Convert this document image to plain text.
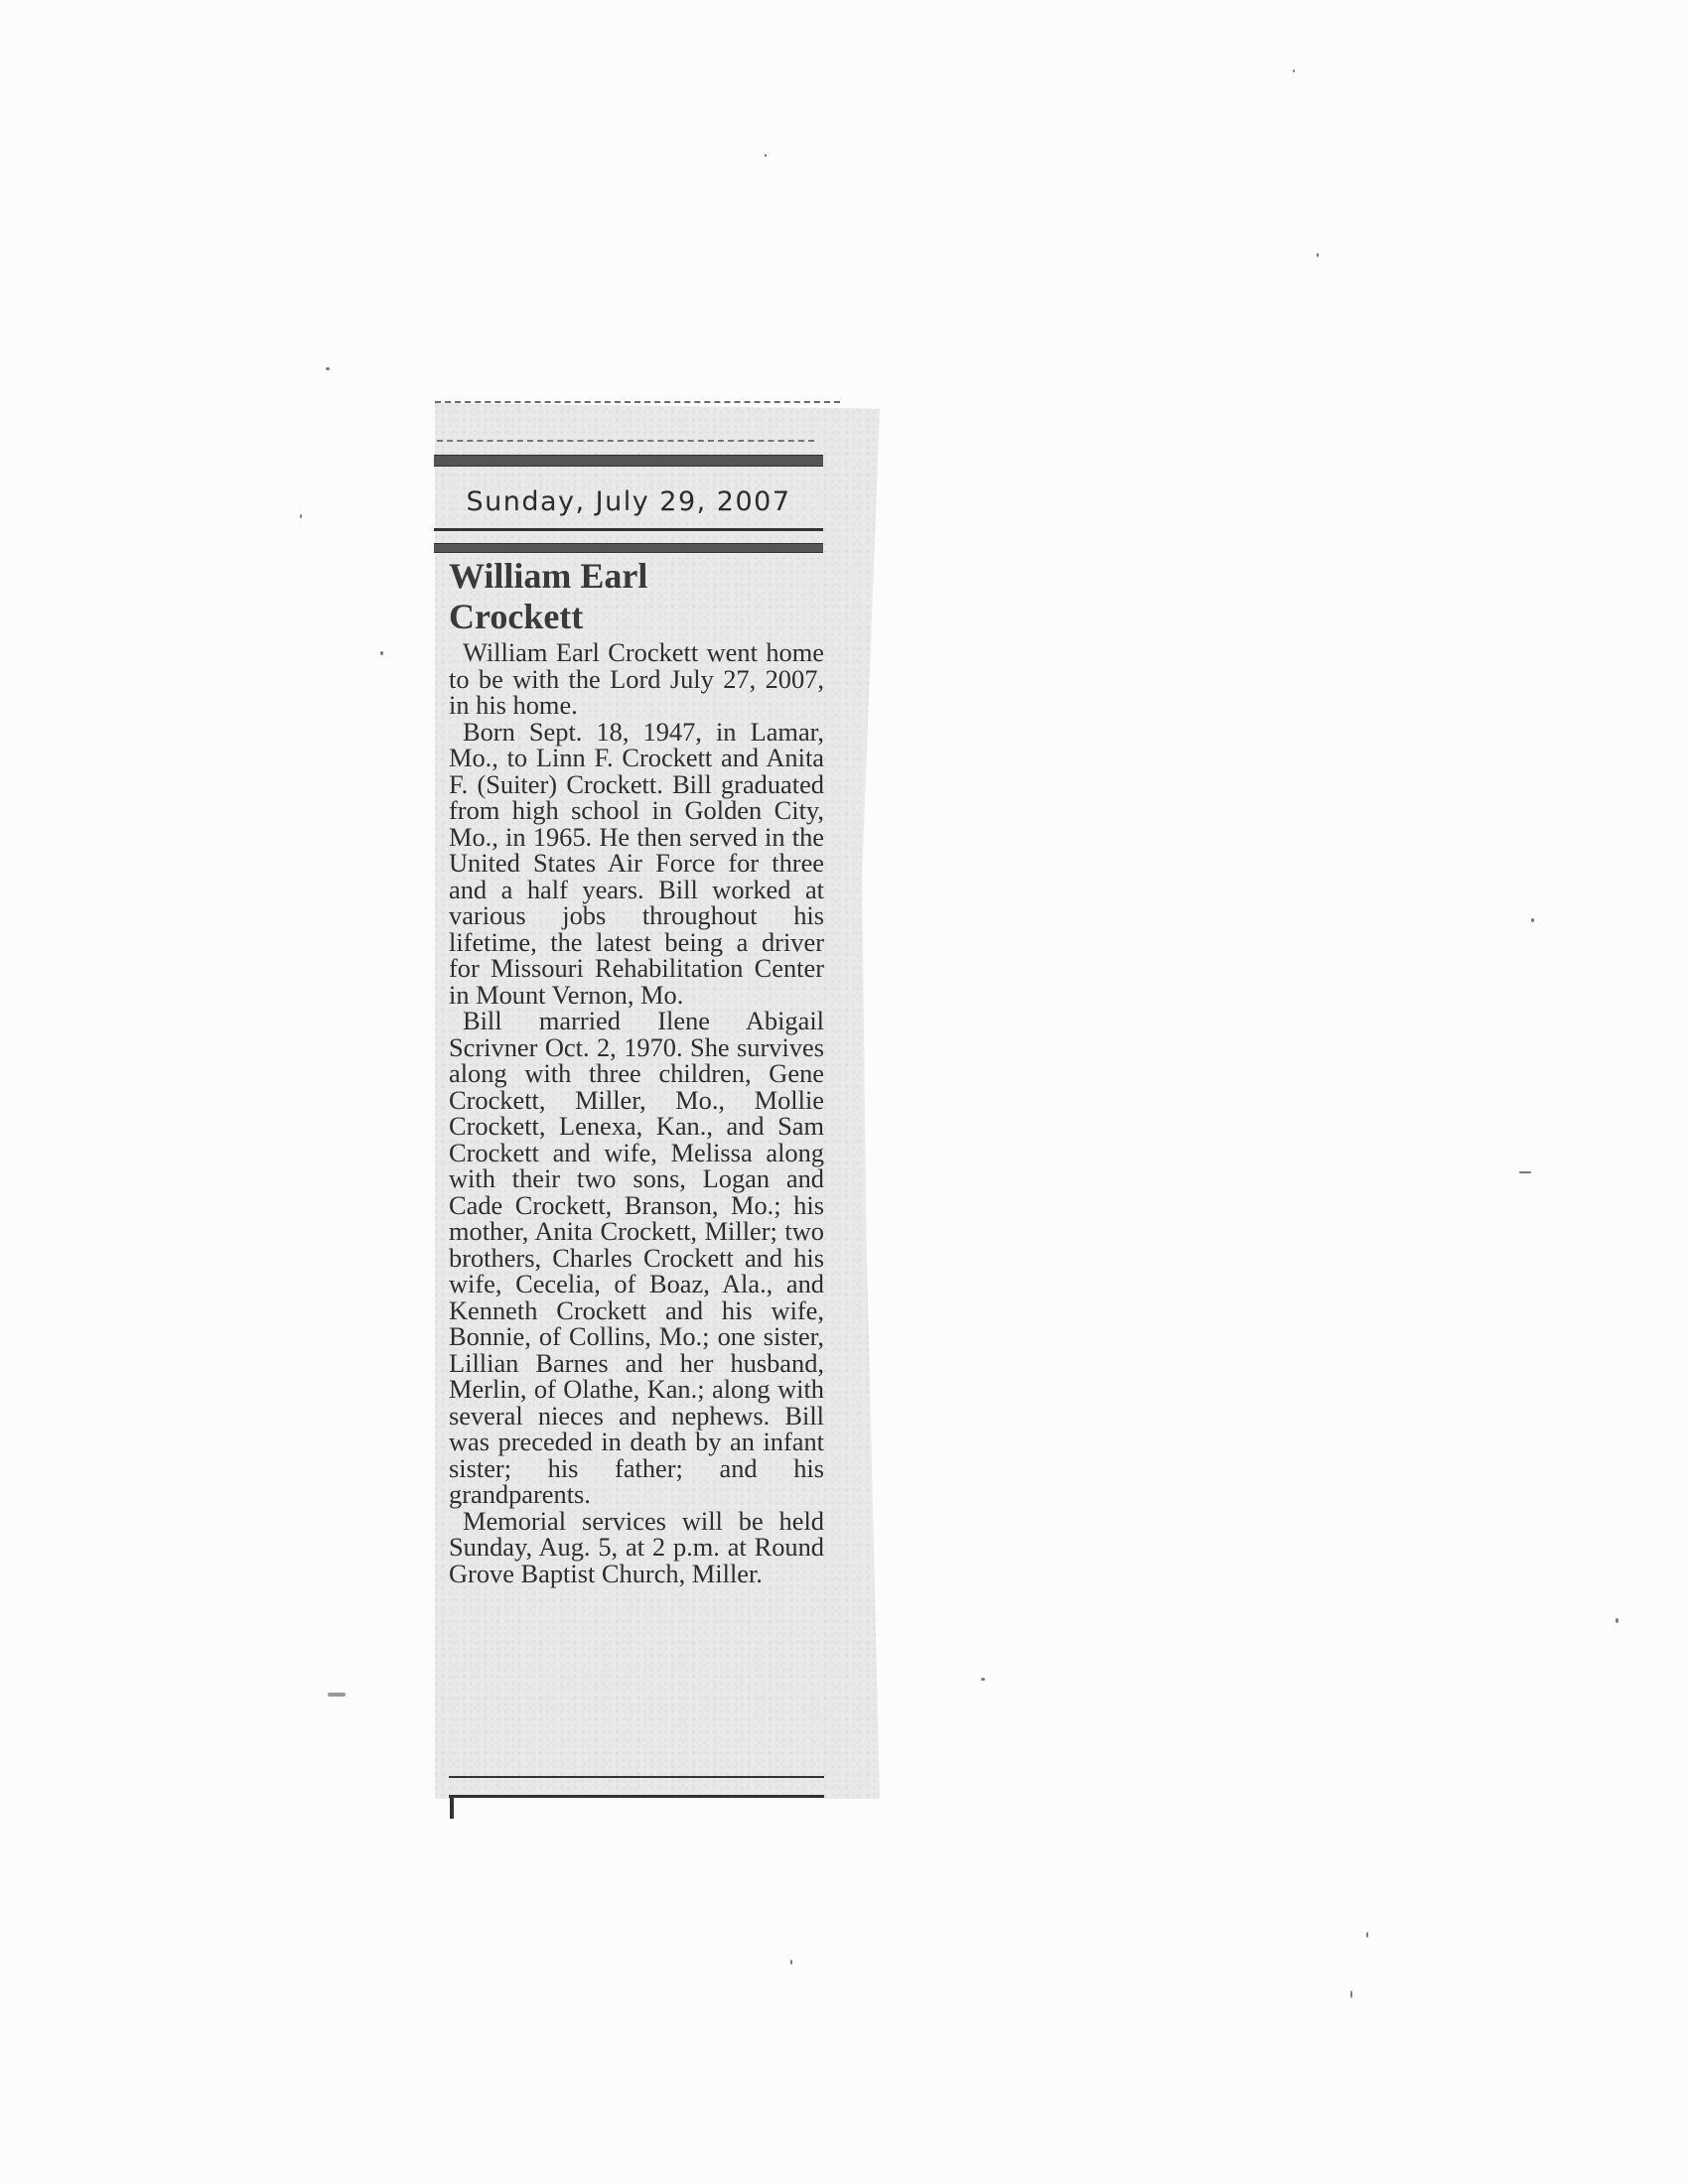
Sunday, July 29, 2007
William Earl
Crockett

William Earl Crockett went home to be with the Lord July 27, 2007, in his home.

Born Sept. 18, 1947, in Lamar, Mo., to Linn F. Crockett and Anita F. (Suiter) Crockett. Bill graduated from high school in Golden City, Mo., in 1965. He then served in the United States Air Force for three and a half years. Bill worked at various jobs throughout his lifetime, the latest being a driver for Missouri Rehabilitation Center in Mount Vernon, Mo.

Bill married Ilene Abigail Scrivner Oct. 2, 1970. She survives along with three children, Gene Crockett, Miller, Mo., Mollie Crockett, Lenexa, Kan., and Sam Crockett and wife, Melissa along with their two sons, Logan and Cade Crockett, Branson, Mo.; his mother, Anita Crockett, Miller; two brothers, Charles Crockett and his wife, Cecelia, of Boaz, Ala., and Kenneth Crockett and his wife, Bonnie, of Collins, Mo.; one sister, Lillian Barnes and her husband, Merlin, of Olathe, Kan.; along with several nieces and nephews. Bill was preceded in death by an infant sister; his father; and his grandparents.

Memorial services will be held Sunday, Aug. 5, at 2 p.m. at Round Grove Baptist Church, Miller.
